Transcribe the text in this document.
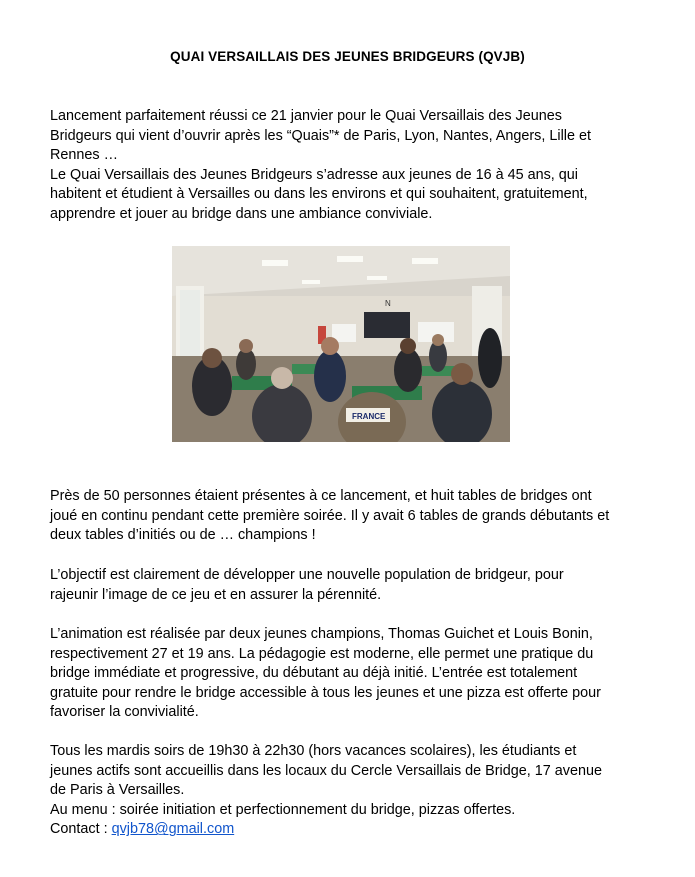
QUAI VERSAILLAIS DES JEUNES BRIDGEURS (QVJB)

Lancement parfaitement réussi ce 21 janvier pour le Quai Versaillais des Jeunes
Bridgeurs qui vient d’ouvrir après les “Quais”* de Paris, Lyon, Nantes, Angers, Lille et
Rennes …
Le Quai Versaillais des Jeunes Bridgeurs s’adresse aux jeunes de 16 à 45 ans, qui
habitent et étudient à Versailles ou dans les environs et qui souhaitent, gratuitement,
apprendre et jouer au bridge dans une ambiance conviviale.

N
FRANCE

Près de 50 personnes étaient présentes à ce lancement, et huit tables de bridges ont
joué en continu pendant cette première soirée. Il y avait 6 tables de grands débutants et
deux tables d’initiés ou de … champions !

L’objectif est clairement de développer une nouvelle population de bridgeur, pour
rajeunir l’image de ce jeu et en assurer la pérennité.

L’animation est réalisée par deux jeunes champions, Thomas Guichet et Louis Bonin,
respectivement 27 et 19 ans. La pédagogie est moderne, elle permet une pratique du
bridge immédiate et progressive, du débutant au déjà initié. L’entrée est totalement
gratuite pour rendre le bridge accessible à tous les jeunes et une pizza est offerte pour
favoriser la convivialité.

Tous les mardis soirs de 19h30 à 22h30 (hors vacances scolaires), les étudiants et
jeunes actifs sont accueillis dans les locaux du Cercle Versaillais de Bridge, 17 avenue
de Paris à Versailles.
Au menu : soirée initiation et perfectionnement du bridge, pizzas offertes.
Contact : qvjb78@gmail.com
